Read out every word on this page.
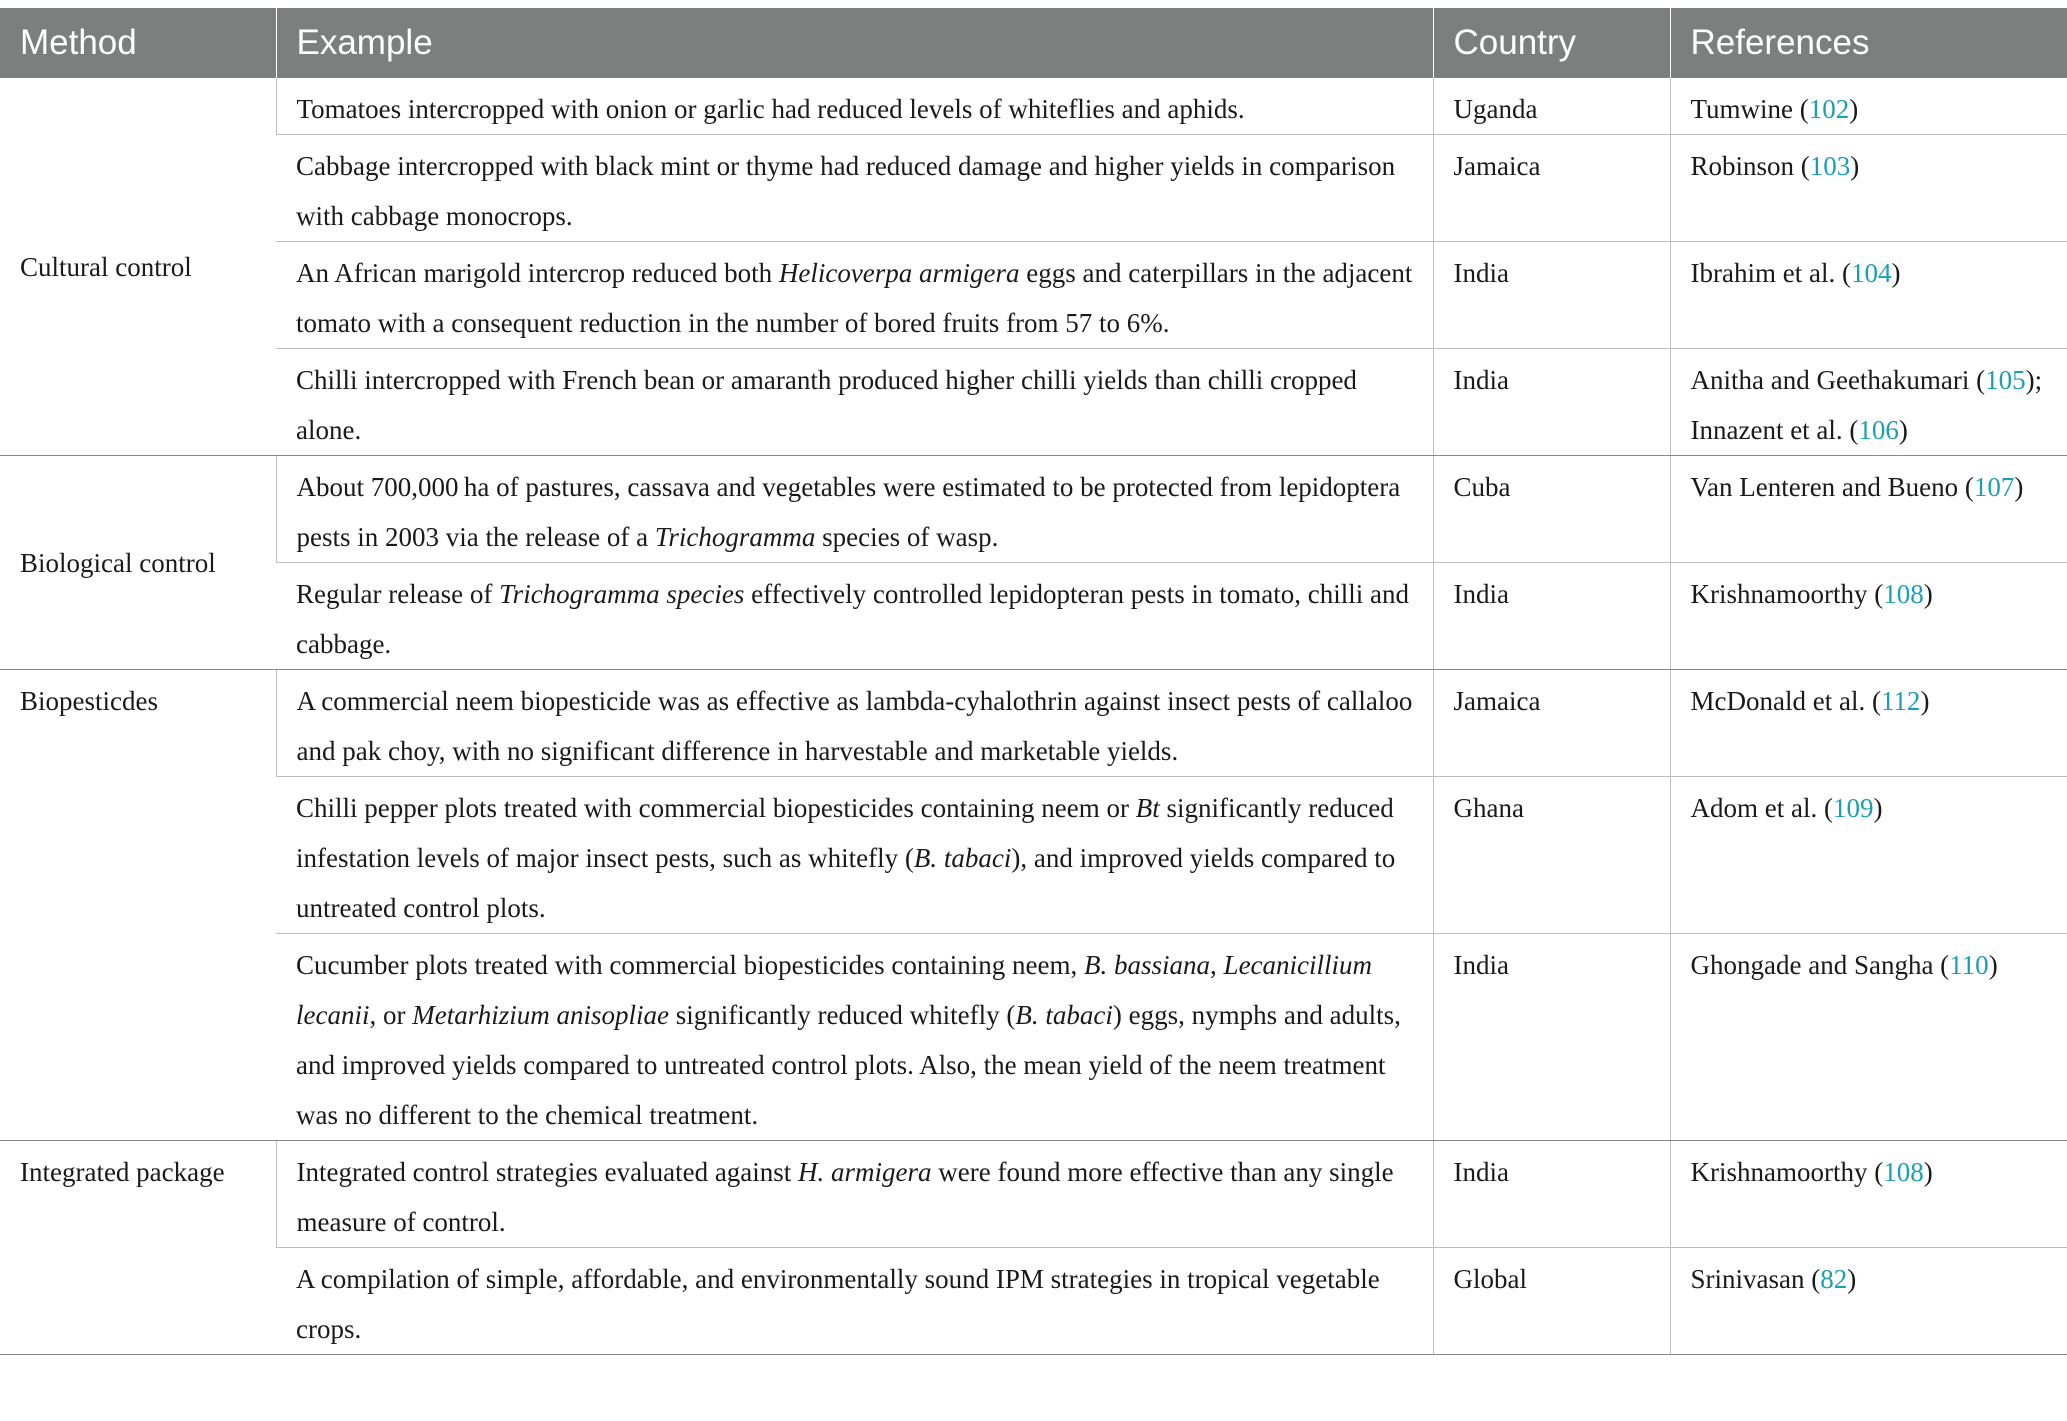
Method	Example	Country	References
Cultural control	Tomatoes intercropped with onion or garlic had reduced levels of whiteflies and aphids.	Uganda	Tumwine (102)
	Cabbage intercropped with black mint or thyme had reduced damage and higher yields in comparison with cabbage monocrops.	Jamaica	Robinson (103)
	An African marigold intercrop reduced both Helicoverpa armigera eggs and caterpillars in the adjacent tomato with a consequent reduction in the number of bored fruits from 57 to 6%.	India	Ibrahim et al. (104)
	Chilli intercropped with French bean or amaranth produced higher chilli yields than chilli cropped alone.	India	Anitha and Geethakumari (105); Innazent et al. (106)
Biological control	About 700,000 ha of pastures, cassava and vegetables were estimated to be protected from lepidoptera pests in 2003 via the release of a Trichogramma species of wasp.	Cuba	Van Lenteren and Bueno (107)
	Regular release of Trichogramma species effectively controlled lepidopteran pests in tomato, chilli and cabbage.	India	Krishnamoorthy (108)
Biopesticdes	A commercial neem biopesticide was as effective as lambda-cyhalothrin against insect pests of callaloo and pak choy, with no significant difference in harvestable and marketable yields.	Jamaica	McDonald et al. (112)
	Chilli pepper plots treated with commercial biopesticides containing neem or Bt significantly reduced infestation levels of major insect pests, such as whitefly (B. tabaci), and improved yields compared to untreated control plots.	Ghana	Adom et al. (109)
	Cucumber plots treated with commercial biopesticides containing neem, B. bassiana, Lecanicillium lecanii, or Metarhizium anisopliae significantly reduced whitefly (B. tabaci) eggs, nymphs and adults, and improved yields compared to untreated control plots. Also, the mean yield of the neem treatment was no different to the chemical treatment.	India	Ghongade and Sangha (110)
Integrated package	Integrated control strategies evaluated against H. armigera were found more effective than any single measure of control.	India	Krishnamoorthy (108)
	A compilation of simple, affordable, and environmentally sound IPM strategies in tropical vegetable crops.	Global	Srinivasan (82)
